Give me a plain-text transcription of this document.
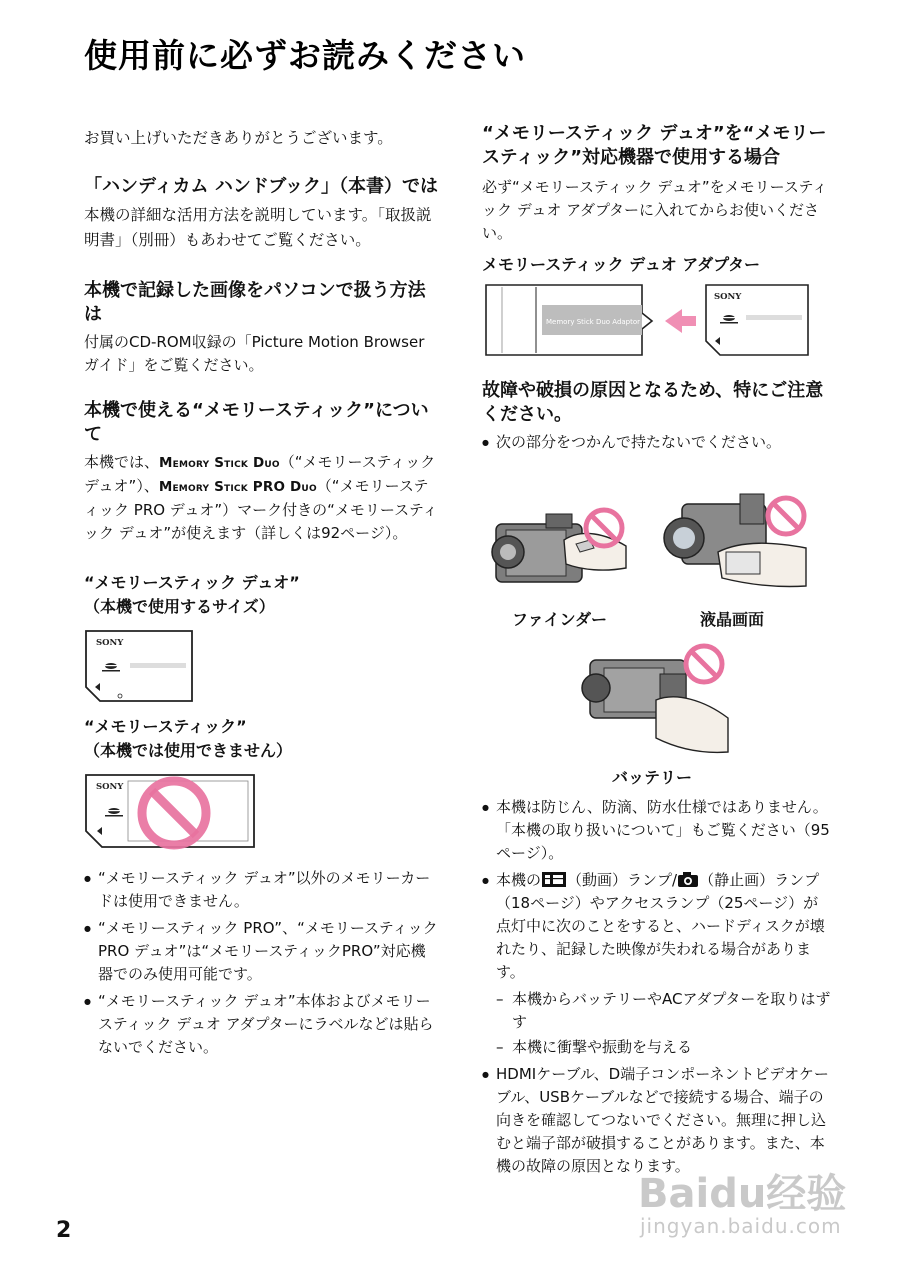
使用前に必ずお読みください

お買い上げいただきありがとうございます。

「ハンディカム ハンドブック」（本書）では

本機の詳細な活用方法を説明しています。「取扱説明書」（別冊）もあわせてご覧ください。

本機で記録した画像をパソコンで扱う方法は

付属のCD-ROM収録の「Picture Motion Browser ガイド」をご覧ください。

本機で使える“メモリースティック”について

本機では、Memory Stick Duo（“メモリースティックデュオ”）、Memory Stick PRO Duo（“メモリースティック PRO デュオ”）マーク付きの“メモリースティック デュオ”が使えます（詳しくは92ページ）。

“メモリースティック デュオ”

（本機で使用するサイズ）

SONY

“メモリースティック”

（本機では使用できません）

SONY
● “メモリースティック デュオ”以外のメモリーカードは使用できません。
● “メモリースティック PRO”、“メモリースティックPRO デュオ”は“メモリースティックPRO”対応機器でのみ使用可能です。
● “メモリースティック デュオ”本体およびメモリースティック デュオ アダプターにラベルなどは貼らないでください。
“メモリースティック デュオ”を“メモリースティック”対応機器で使用する場合

必ず“メモリースティック デュオ”をメモリースティック デュオ アダプターに入れてからお使いください。

メモリースティック デュオ アダプター

Memory Stick Duo Adaptor
SONY
故障や破損の原因となるため、特にご注意ください。
● 次の部分をつかんで持たないでください。
ファインダー	液晶画面
バッテリー
● 本機は防じん、防滴、防水仕様ではありません。「本機の取り扱いについて」もご覧ください（95ページ）。
● 本機の （動画）ランプ/ （静止画）ランプ（18ページ）やアクセスランプ（25ページ）が点灯中に次のことをすると、ハードディスクが壊れたり、記録した映像が失われる場合があります。
– 本機からバッテリーやACアダプターを取りはずす
– 本機に衝撃や振動を与える
● HDMIケーブル、D端子コンポーネントビデオケーブル、USBケーブルなどで接続する場合、端子の向きを確認してつないでください。無理に押し込むと端子部が破損することがあります。また、本機の故障の原因となります。
2
Baidu经验
jingyan.baidu.com
